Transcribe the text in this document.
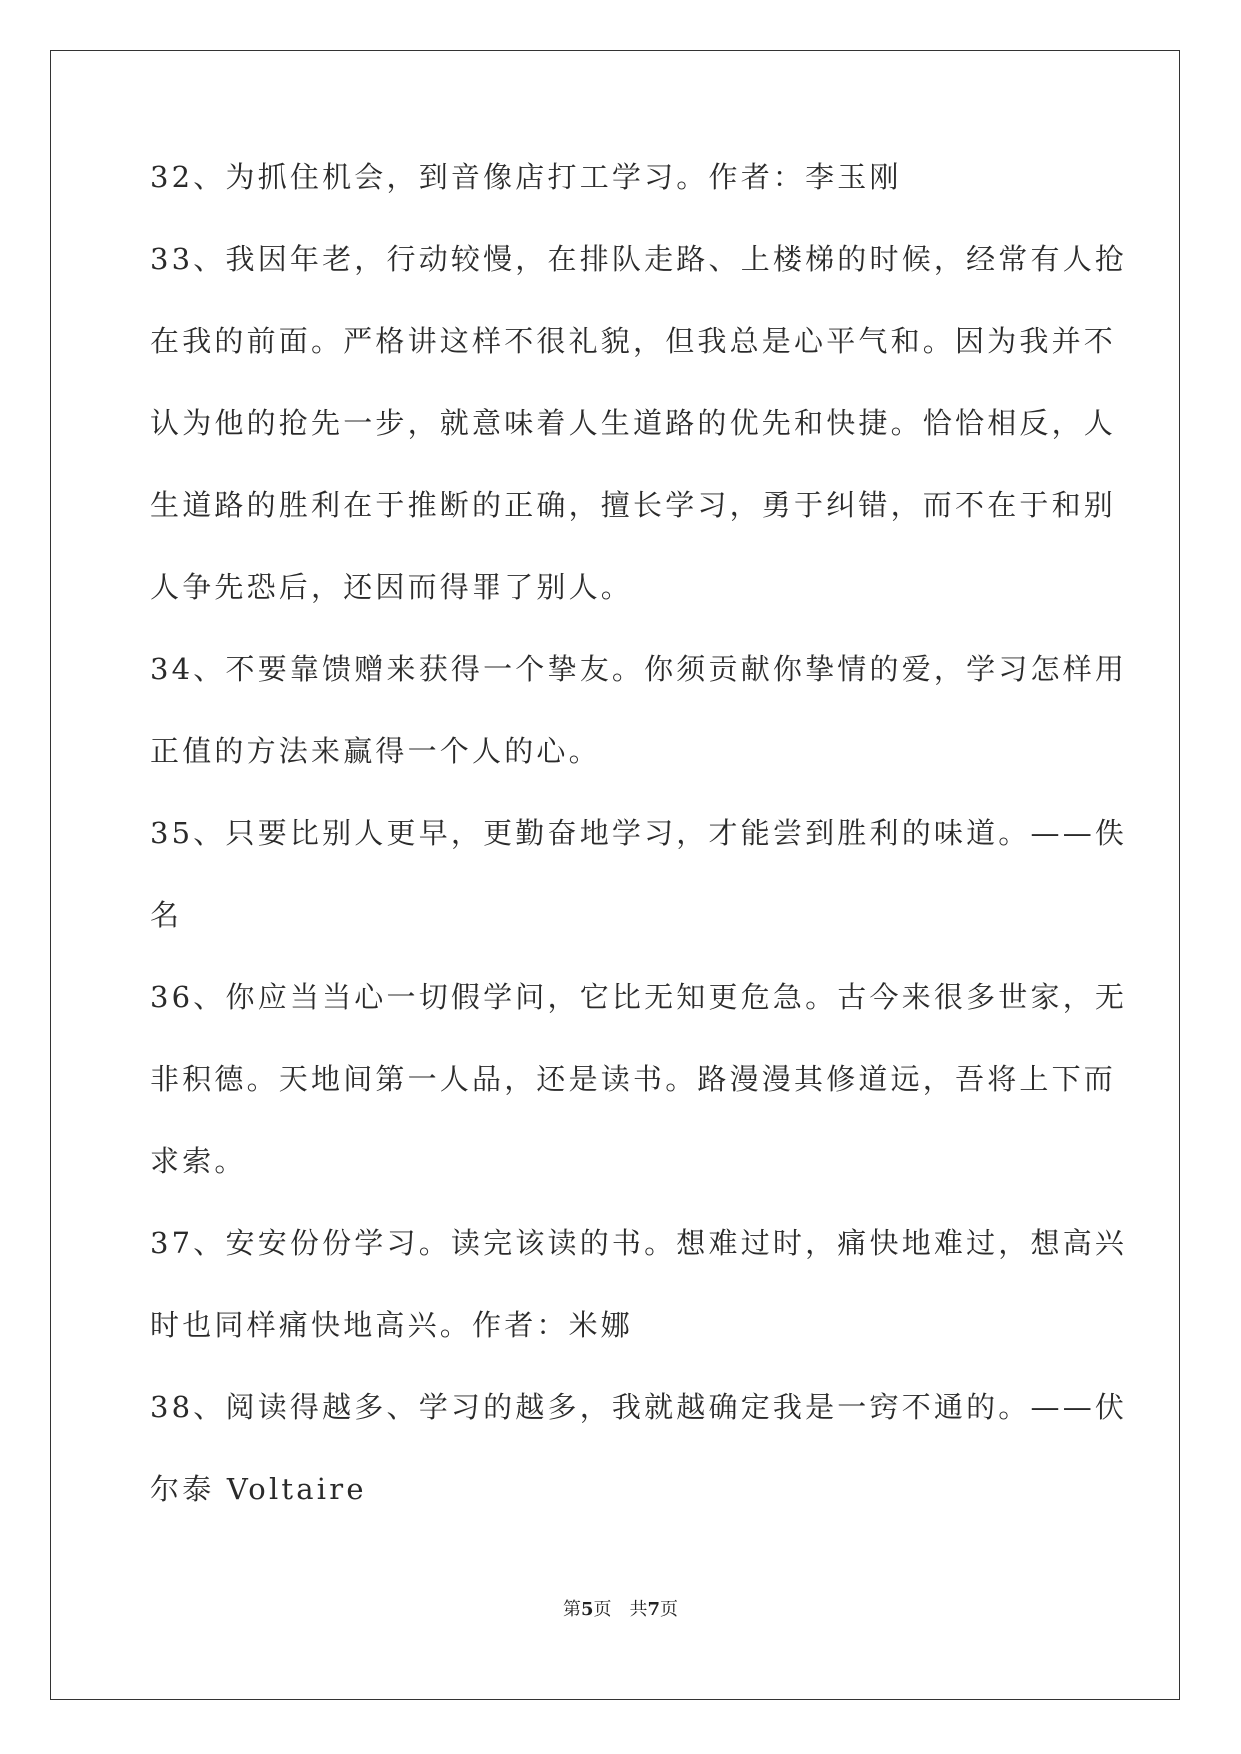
32、为抓住机会，到音像店打工学习。作者：李玉刚
33、我因年老，行动较慢，在排队走路、上楼梯的时候，经常有人抢
在我的前面。严格讲这样不很礼貌，但我总是心平气和。因为我并不
认为他的抢先一步，就意味着人生道路的优先和快捷。恰恰相反，人
生道路的胜利在于推断的正确，擅长学习，勇于纠错，而不在于和别
人争先恐后，还因而得罪了别人。
34、不要靠馈赠来获得一个挚友。你须贡献你挚情的爱，学习怎样用
正值的方法来赢得一个人的心。
35、只要比别人更早，更勤奋地学习，才能尝到胜利的味道。——佚
名
36、你应当当心一切假学问，它比无知更危急。古今来很多世家，无
非积德。天地间第一人品，还是读书。路漫漫其修道远，吾将上下而
求索。
37、安安份份学习。读完该读的书。想难过时，痛快地难过，想高兴
时也同样痛快地高兴。作者：米娜
38、阅读得越多、学习的越多，我就越确定我是一窍不通的。——伏
尔泰 Voltaire
第5页　共7页
